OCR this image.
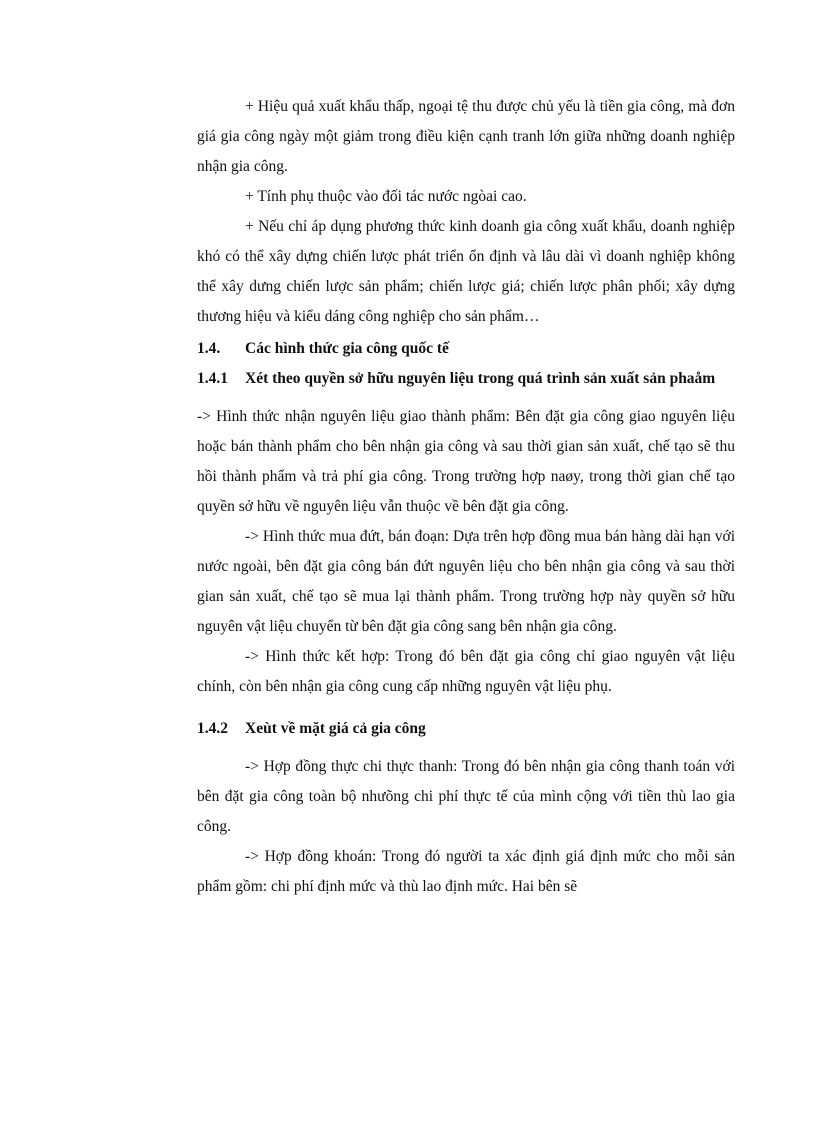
+ Hiệu quả xuất khẩu thấp, ngoại tệ thu được chủ yếu là tiền gia công, mà đơn giá gia công ngày một giảm trong điều kiện cạnh tranh lớn giữa những doanh nghiệp nhận gia công.

+ Tính phụ thuộc vào đối tác nước ngòai cao.

+ Nếu chỉ áp dụng phương thức kinh doanh gia công xuất khẩu, doanh nghiệp khó có thể xây dựng chiến lược phát triển ổn định và lâu dài vì doanh nghiệp không thể xây dưng chiến lược sản phẩm; chiến lược giá; chiến lược phân phối; xây dựng thương hiệu và kiểu dáng công nghiệp cho sản phẩm…

1.4.	Các hình thức gia công quốc tế
1.4.1	Xét theo quyền sở hữu nguyên liệu trong quá trình sản xuất sản phaåm

-> Hình thức nhận nguyên liệu giao thành phẩm: Bên đặt gia công giao nguyên liệu hoặc bán thành phẩm cho bên nhận gia công và sau thời gian sản xuất, chế tạo sẽ thu hồi thành phẩm và trả phí gia công. Trong trường hợp naøy, trong thời gian chế tạo quyền sở hữu về nguyên liệu vẫn thuộc về bên đặt gia công.

-> Hình thức mua đứt, bán đoạn: Dựa trên hợp đồng mua bán hàng dài hạn với nước ngoài, bên đặt gia công bán đứt nguyên liệu cho bên nhận gia công và sau thời gian sản xuất, chế tạo sẽ mua lại thành phẩm. Trong trường hợp này quyền sở hữu nguyên vật liệu chuyển từ bên đặt gia công sang bên nhận gia công.

-> Hình thức kết hợp: Trong đó bên đặt gia công chỉ giao nguyên vật liệu chính, còn bên nhận gia công cung cấp những nguyên vật liệu phụ.

1.4.2	Xeùt về mặt giá cả gia công

-> Hợp đồng thực chi thực thanh: Trong đó bên nhận gia công thanh toán với bên đặt gia công toàn bộ nhưõng chi phí thực tế của mình cộng với tiền thù lao gia công.

-> Hợp đồng khoán: Trong đó người ta xác định giá định mức cho mỗi sản phẩm gồm: chi phí định mức và thù lao định mức. Hai bên sẽ
